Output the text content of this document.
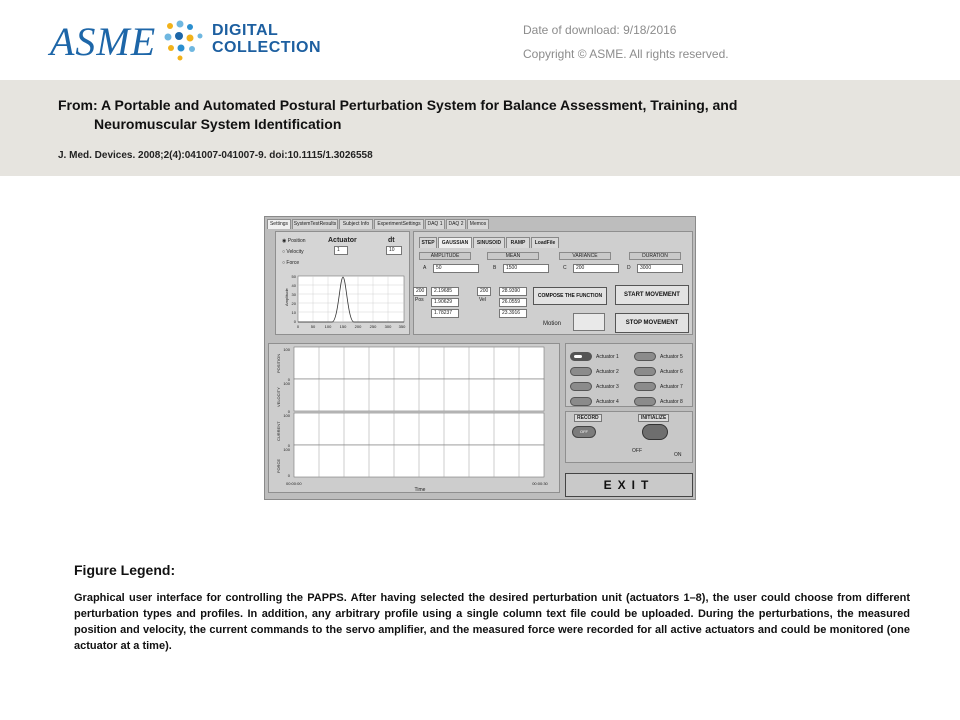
ASME	DIGITAL
COLLECTION
Date of download: 9/18/2016
Copyright © ASME. All rights reserved.
From: A Portable and Automated Postural Perturbation System for Balance Assessment, Training, and
Neuromuscular System Identification
J. Med. Devices. 2008;2(4):041007-041007-9. doi:10.1115/1.3026558
Settings	SystemTestResults	Subject Info	ExperimentSettings	DAQ 1	DAQ 2	Memos
◉ Position
○ Velocity
○ Force
Actuator
1
dt
10
Amplitude
50
40
30
20
10
0
0	50 100 150 200 250 300 350
STEP	GAUSSIAN	SINUSOID	RAMP	LoadFile
AMPLITUDE	MEAN	VARIANCE	DURATION
A	50	B	1500	C	200	D	3000
200
Pos
2.19685
1.90629
1.78237
200
Vel
28.9390
26.0559
23.3916
COMPOSE THE FUNCTION	START MOVEMENT
STOP MOVEMENT
Motion
POSITION
VELOCITY
CURRENT
FORCE
100
0
100
0
100
0
100
0
00:00:00	00:00:30
Time
Actuator 1
Actuator 2
Actuator 3
Actuator 4
Actuator 5
Actuator 6
Actuator 7
Actuator 8
RECORD
OFF
INITIALIZE
OFF
ON
EXIT
Figure Legend:
Graphical user interface for controlling the PAPPS. After having selected the desired perturbation unit (actuators 1–8), the user could choose from different perturbation types and profiles. In addition, any arbitrary profile using a single column text file could be uploaded. During the perturbations, the measured position and velocity, the current commands to the servo amplifier, and the measured force were recorded for all active actuators and could be monitored (one actuator at a time).
